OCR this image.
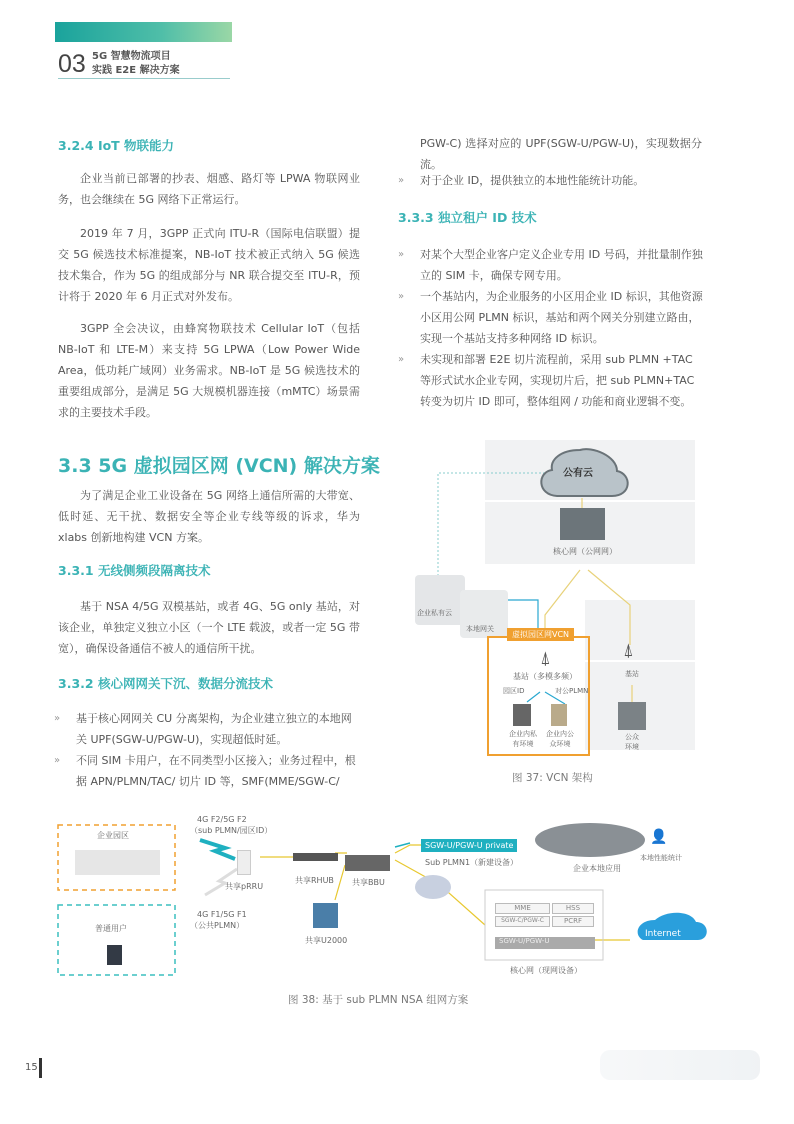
03 5G 智慧物流项目
实践 E2E 解决方案
3.2.4 IoT 物联能力
企业当前已部署的抄表、烟感、路灯等 LPWA 物联网业务，也会继续在 5G 网络下正常运行。
2019 年 7 月，3GPP 正式向 ITU-R（国际电信联盟）提交 5G 候选技术标准提案，NB-IoT 技术被正式纳入 5G 候选技术集合，作为 5G 的组成部分与 NR 联合提交至 ITU-R，预计将于 2020 年 6 月正式对外发布。
3GPP 全会决议，由蜂窝物联技术 Cellular IoT（包括 NB-IoT 和 LTE-M）来支持 5G LPWA（Low Power Wide Area，低功耗广域网）业务需求。NB-IoT 是 5G 候选技术的重要组成部分，是满足 5G 大规模机器连接（mMTC）场景需求的主要技术手段。
3.3 5G 虚拟园区网 (VCN) 解决方案
为了满足企业工业设备在 5G 网络上通信所需的大带宽、低时延、无干扰、数据安全等企业专线等级的诉求，华为 xlabs 创新地构建 VCN 方案。
3.3.1 无线侧频段隔离技术
基于 NSA 4/5G 双模基站，或者 4G、5G only 基站，对该企业，单独定义独立小区（一个 LTE 载波，或者一定 5G 带宽），确保设备通信不被人的通信所干扰。
3.3.2 核心网网关下沉、数据分流技术
» 基于核心网网关 CU 分离架构，为企业建立独立的本地网关 UPF(SGW-U/PGW-U)，实现超低时延。
» 不同 SIM 卡用户，在不同类型小区接入；业务过程中，根据 APN/PLMN/TAC/ 切片 ID 等，SMF(MME/SGW-C/
PGW-C) 选择对应的 UPF(SGW-U/PGW-U)，实现数据分流。
» 对于企业 ID，提供独立的本地性能统计功能。
3.3.3 独立租户 ID 技术
» 对某个大型企业客户定义企业专用 ID 号码，并批量制作独立的 SIM 卡，确保专网专用。
» 一个基站内，为企业服务的小区用企业 ID 标识，其他资源小区用公网 PLMN 标识，基站和两个网关分别建立路由，实现一个基站支持多种网络 ID 标识。
» 未实现和部署 E2E 切片流程前，采用 sub PLMN +TAC 等形式试水企业专网，实现切片后，把 sub PLMN+TAC 转变为切片 ID 即可，整体组网 / 功能和商业逻辑不变。
公有云
核心网（公网网）
企业私有云
本地网关
虚拟园区网VCN
⍋
基站（多模多频）
园区ID	对公PLMN
企业内私有环境
企业内公众环境
⍋
基站
公众环境
图 37: VCN 架构
企业园区
普通用户
4G F2/5G F2
（sub PLMN/园区ID）
4G F1/5G F1
（公共PLMN）
共享pRRU
共享RHUB 共享BBU
共享U2000
SGW-U/PGW-U private
Sub PLMN1（新建设备）
企业本地应用
👤
本地性能统计
MME	HSS
SGW-C/PGW-C	PCRF
SGW-U/PGW-U
核心网（现网设备）
Internet
图 38: 基于 sub PLMN NSA 组网方案
15
